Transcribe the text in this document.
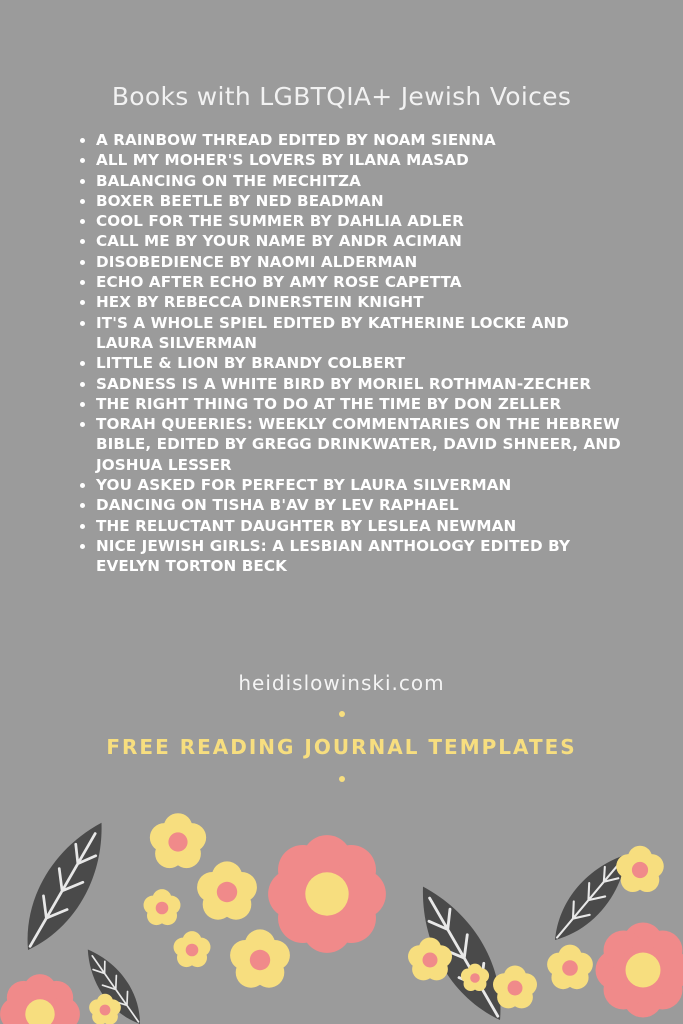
Books with LGBTQIA+ Jewish Voices
• A RAINBOW THREAD EDITED BY NOAM SIENNA
• ALL MY MOHER'S LOVERS BY ILANA MASAD
• BALANCING ON THE MECHITZA
• BOXER BEETLE BY NED BEADMAN
• COOL FOR THE SUMMER BY DAHLIA ADLER
• CALL ME BY YOUR NAME BY ANDR ACIMAN
• DISOBEDIENCE BY NAOMI ALDERMAN
• ECHO AFTER ECHO BY AMY ROSE CAPETTA
• HEX BY REBECCA DINERSTEIN KNIGHT
• IT'S A WHOLE SPIEL EDITED BY KATHERINE LOCKE AND LAURA SILVERMAN
• LITTLE & LION BY BRANDY COLBERT
• SADNESS IS A WHITE BIRD BY MORIEL ROTHMAN-ZECHER
• THE RIGHT THING TO DO AT THE TIME BY DON ZELLER
• TORAH QUEERIES: WEEKLY COMMENTARIES ON THE HEBREW BIBLE, EDITED BY GREGG DRINKWATER, DAVID SHNEER, AND JOSHUA LESSER
• YOU ASKED FOR PERFECT BY LAURA SILVERMAN
• DANCING ON TISHA B'AV BY LEV RAPHAEL
• THE RELUCTANT DAUGHTER BY LESLEA NEWMAN
• NICE JEWISH GIRLS: A LESBIAN ANTHOLOGY EDITED BY EVELYN TORTON BECK
heidislowinski.com
FREE READING JOURNAL TEMPLATES
